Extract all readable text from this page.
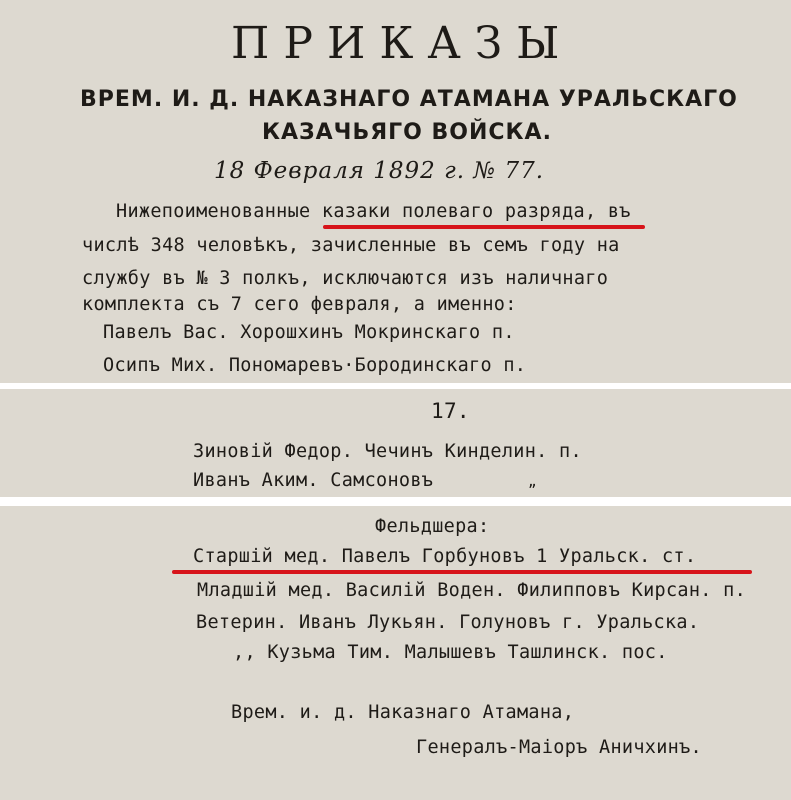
ПРИКАЗЫ
ВРЕМ. И. Д. НАКАЗНАГО АТАМАНА УРАЛЬСКАГО
КАЗАЧЬЯГО ВОЙСКА.
18 Февраля 1892 г. № 77.
Нижепоименованные казаки полеваго разряда, въ
числѣ 348 человѣкъ, зачисленные въ семъ году на
службу въ № 3 полкъ, исключаются изъ наличнаго
комплекта съ 7 сего февраля, а именно:
Павелъ Вас. Хорошхинъ Мокринскаго п.
Осипъ Мих. Пономаревъ·Бородинскаго п.
17.
Зиновій Федор. Чечинъ Кинделин. п.
Иванъ Аким. Самсоновъ	„
Фельдшера:
Старшій мед. Павелъ Горбуновъ 1 Уральск. ст.
Младшій мед. Василій Воден. Филипповъ Кирсан. п.
Ветерин. Иванъ Лукьян. Голуновъ г. Уральска.
,, Кузьма Тим. Малышевъ Ташлинск. пос.
Врем. и. д. Наказнаго Атамана,
Генералъ-Маіоръ Аничхинъ.
